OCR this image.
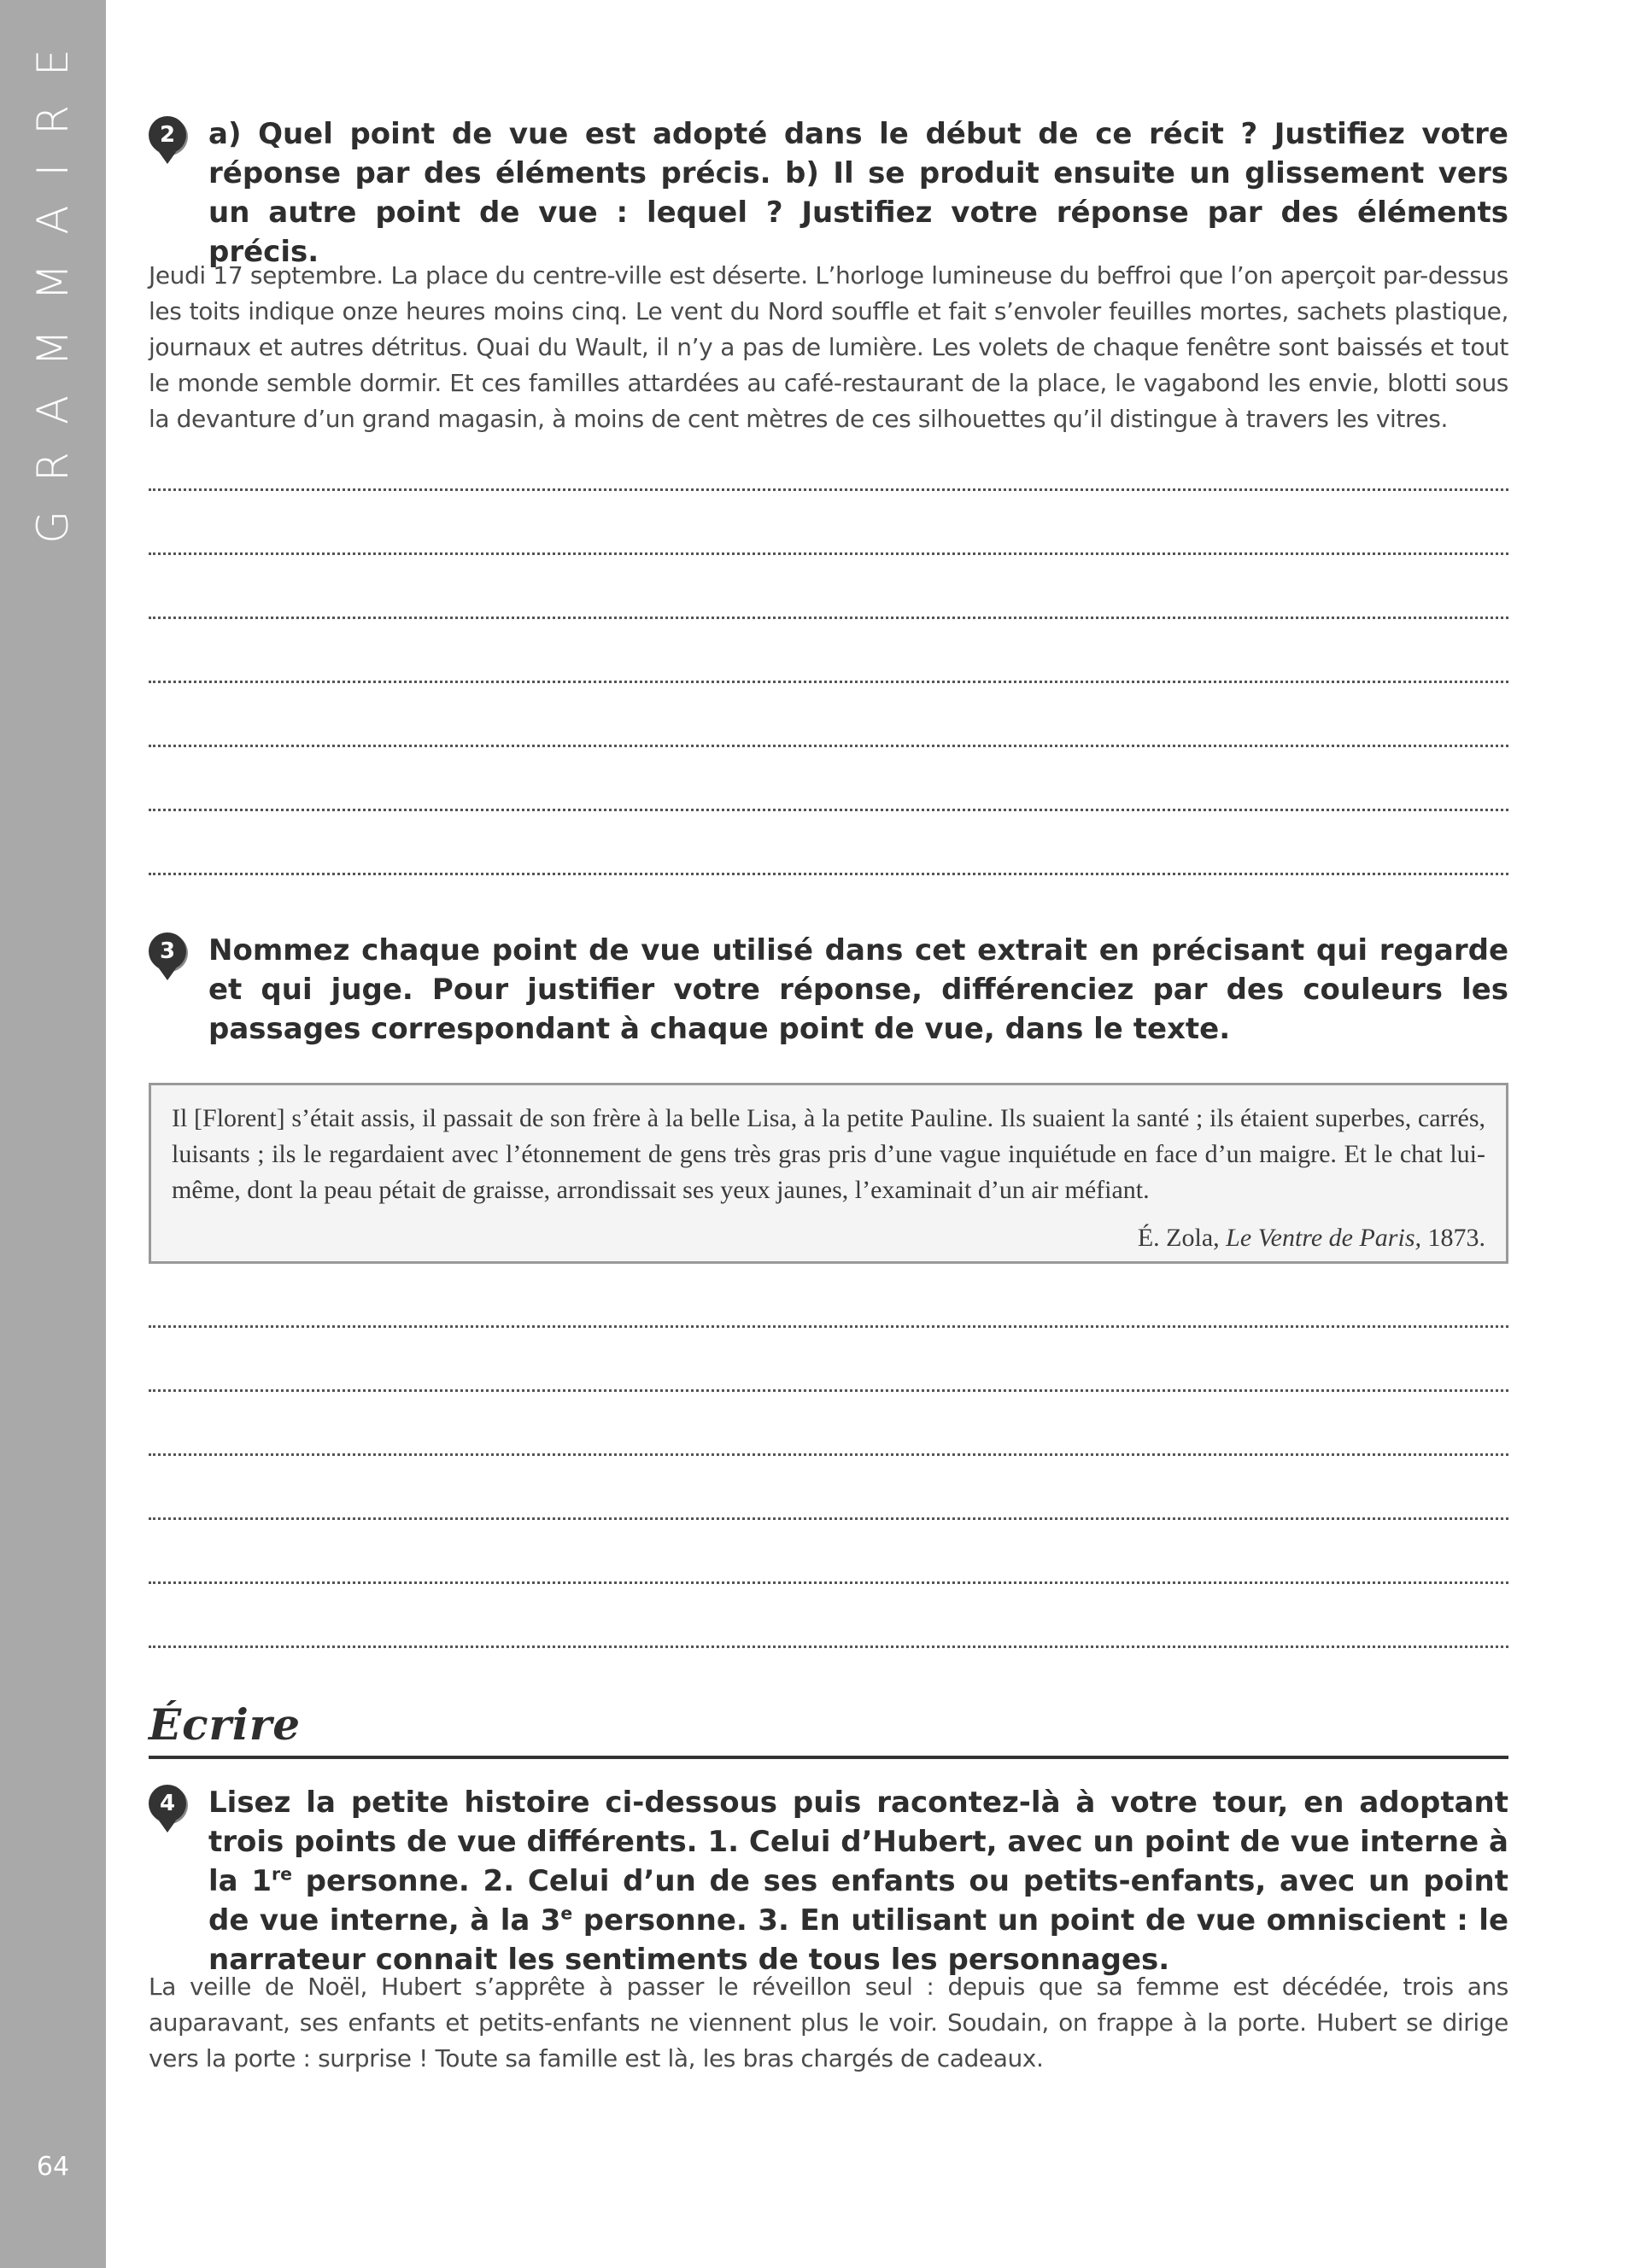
GRAMMAIRE
64
2	a) Quel point de vue est adopté dans le début de ce récit ? Justifiez votre réponse par des éléments précis. b) Il se produit ensuite un glissement vers un autre point de vue : lequel ? Justifiez votre réponse par des éléments précis.

Jeudi 17 septembre. La place du centre-ville est déserte. L’horloge lumineuse du beffroi que l’on aperçoit par-dessus les toits indique onze heures moins cinq. Le vent du Nord souffle et fait s’envoler feuilles mortes, sachets plastique, journaux et autres détritus. Quai du Wault, il n’y a pas de lumière. Les volets de chaque fenêtre sont baissés et tout le monde semble dormir. Et ces familles attardées au café-restaurant de la place, le vagabond les envie, blotti sous la devanture d’un grand magasin, à moins de cent mètres de ces silhouettes qu’il distingue à travers les vitres.

3	Nommez chaque point de vue utilisé dans cet extrait en précisant qui regarde et qui juge. Pour justifier votre réponse, différenciez par des couleurs les passages correspondant à chaque point de vue, dans le texte.

Il [Florent] s’était assis, il passait de son frère à la belle Lisa, à la petite Pauline. Ils suaient la santé ; ils étaient superbes, carrés, luisants ; ils le regardaient avec l’étonnement de gens très gras pris d’une vague inquiétude en face d’un maigre. Et le chat lui-même, dont la peau pétait de graisse, arrondissait ses yeux jaunes, l’examinait d’un air méfiant.

É. Zola, Le Ventre de Paris, 1873.
Écrire
4	Lisez la petite histoire ci-dessous puis racontez-là à votre tour, en adoptant trois points de vue différents. 1. Celui d’Hubert, avec un point de vue interne à la 1re personne. 2. Celui d’un de ses enfants ou petits-enfants, avec un point de vue interne, à la 3e personne. 3. En utilisant un point de vue omniscient : le narrateur connait les sentiments de tous les personnages.

La veille de Noël, Hubert s’apprête à passer le réveillon seul : depuis que sa femme est décédée, trois ans auparavant, ses enfants et petits-enfants ne viennent plus le voir. Soudain, on frappe à la porte. Hubert se dirige vers la porte : surprise ! Toute sa famille est là, les bras chargés de cadeaux.
